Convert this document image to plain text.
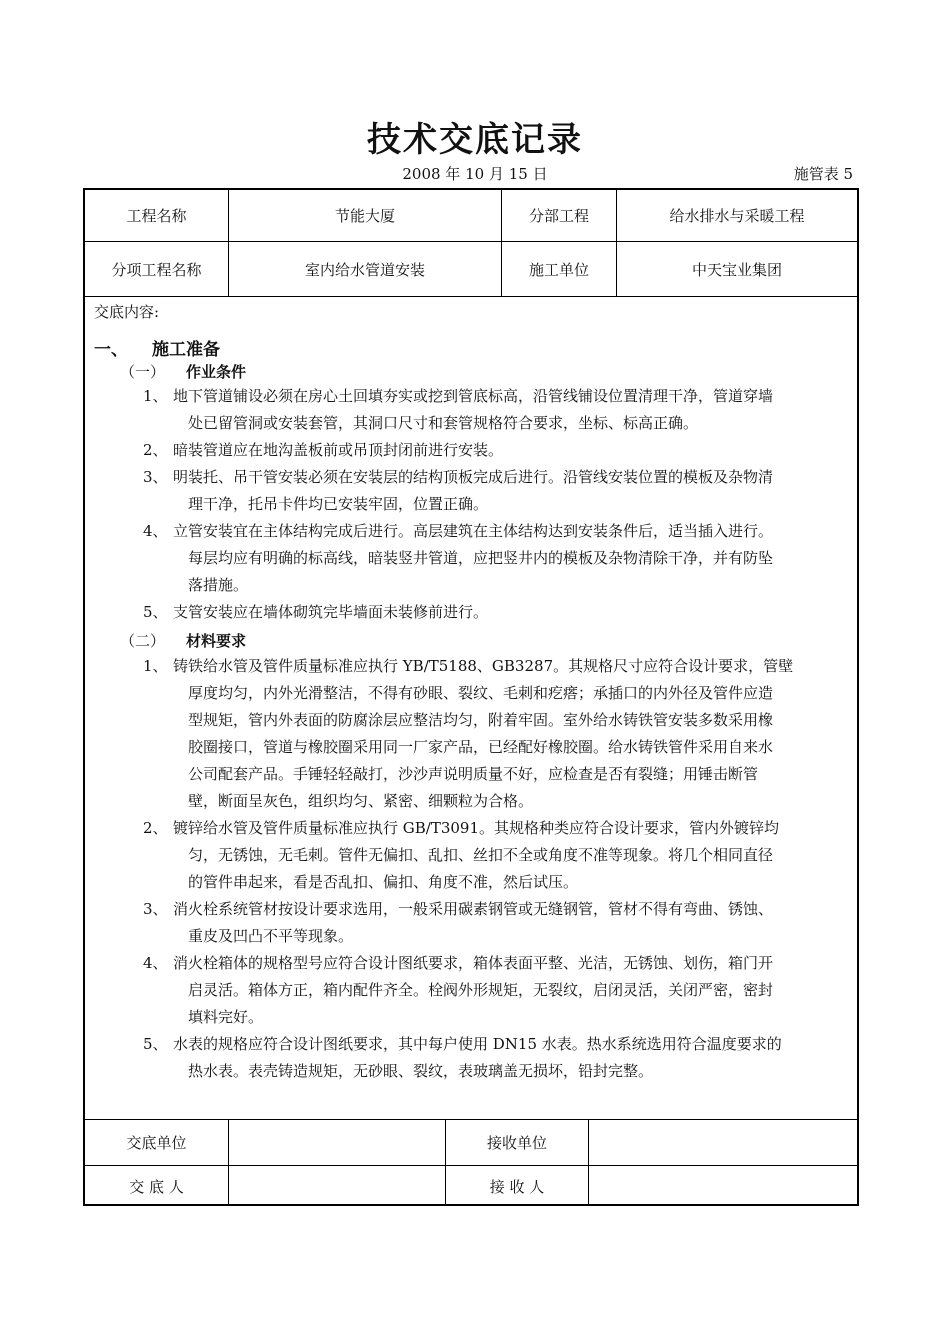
技术交底记录
2008 年 10 月 15 日	施管表 5
工程名称	节能大厦	分部工程	给水排水与采暖工程
分项工程名称	室内给水管道安装	施工单位	中天宝业集团
交底内容:
一、 施工准备
（一） 作业条件
1、 地下管道铺设必须在房心土回填夯实或挖到管底标高，沿管线铺设位置清理干净，管道穿墙
处已留管洞或安装套管，其洞口尺寸和套管规格符合要求，坐标、标高正确。
2、 暗装管道应在地沟盖板前或吊顶封闭前进行安装。
3、 明装托、吊干管安装必须在安装层的结构顶板完成后进行。沿管线安装位置的模板及杂物清
理干净，托吊卡件均已安装牢固，位置正确。
4、 立管安装宜在主体结构完成后进行。高层建筑在主体结构达到安装条件后，适当插入进行。
每层均应有明确的标高线，暗装竖井管道，应把竖井内的模板及杂物清除干净，并有防坠
落措施。
5、 支管安装应在墙体砌筑完毕墙面未装修前进行。
（二） 材料要求
1、 铸铁给水管及管件质量标准应执行 YB/T5188、GB3287。其规格尺寸应符合设计要求，管壁
厚度均匀，内外光滑整洁，不得有砂眼、裂纹、毛刺和疙瘩；承插口的内外径及管件应造
型规矩，管内外表面的防腐涂层应整洁均匀，附着牢固。室外给水铸铁管安装多数采用橡
胶圈接口，管道与橡胶圈采用同一厂家产品，已经配好橡胶圈。给水铸铁管件采用自来水
公司配套产品。手锤轻轻敲打，沙沙声说明质量不好，应检查是否有裂缝；用锤击断管
壁，断面呈灰色，组织均匀、紧密、细颗粒为合格。
2、 镀锌给水管及管件质量标准应执行 GB/T3091。其规格种类应符合设计要求，管内外镀锌均
匀，无锈蚀，无毛刺。管件无偏扣、乱扣、丝扣不全或角度不准等现象。将几个相同直径
的管件串起来，看是否乱扣、偏扣、角度不准，然后试压。
3、 消火栓系统管材按设计要求选用，一般采用碳素钢管或无缝钢管，管材不得有弯曲、锈蚀、
重皮及凹凸不平等现象。
4、 消火栓箱体的规格型号应符合设计图纸要求，箱体表面平整、光洁，无锈蚀、划伤，箱门开
启灵活。箱体方正，箱内配件齐全。栓阀外形规矩，无裂纹，启闭灵活，关闭严密，密封
填料完好。
5、 水表的规格应符合设计图纸要求，其中每户使用 DN15 水表。热水系统选用符合温度要求的
热水表。表壳铸造规矩，无砂眼、裂纹，表玻璃盖无损坏，铅封完整。
交底单位	接收单位
交 底 人	接 收 人
